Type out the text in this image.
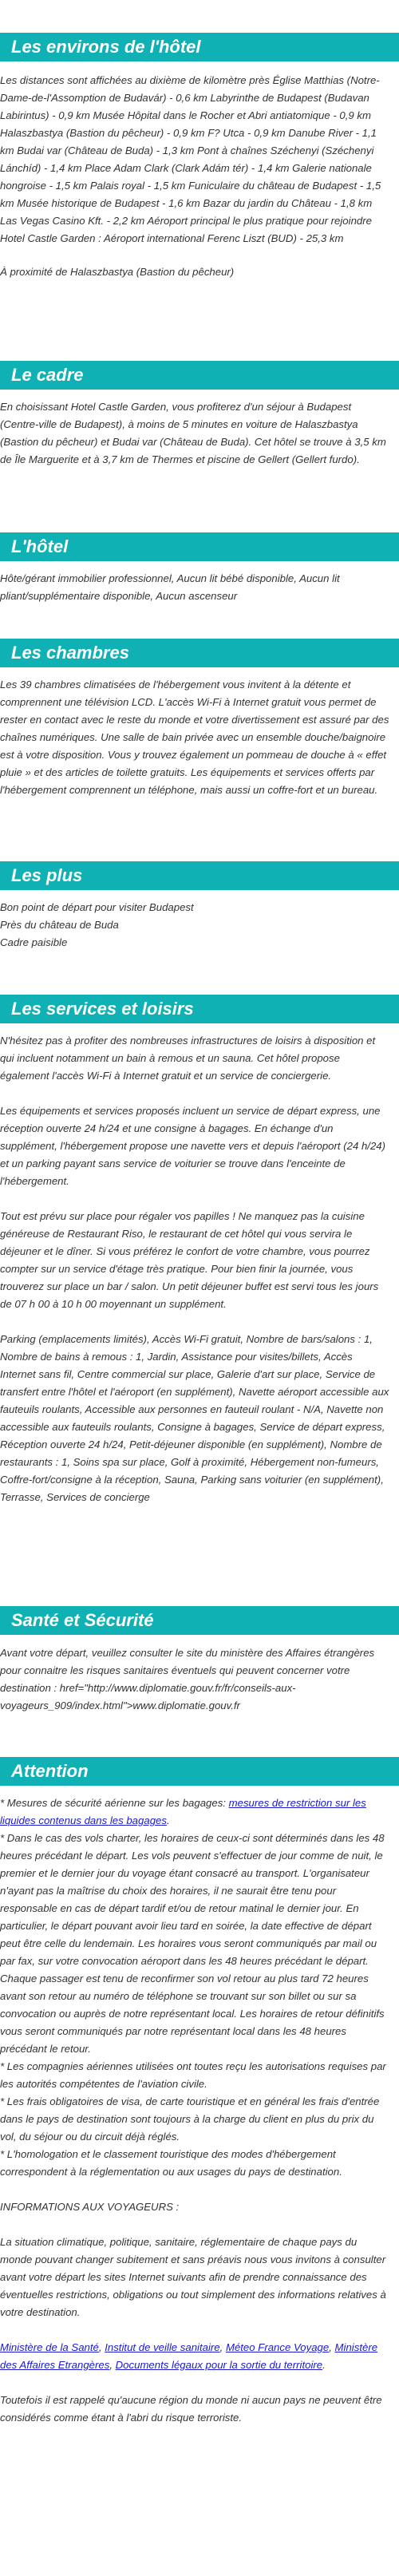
Les environs de l'hôtel

Les distances sont affichées au dixième de kilomètre près Église Matthias (Notre-Dame-de-l'Assomption de Budavár) - 0,6 km Labyrinthe de Budapest (Budavan Labirintus) - 0,9 km Musée Hôpital dans le Rocher et Abri antiatomique - 0,9 km Halaszbastya (Bastion du pêcheur) - 0,9 km F? Utca - 0,9 km Danube River - 1,1 km Budai var (Château de Buda) - 1,3 km Pont à chaînes Széchenyi (Széchenyi Lánchíd) - 1,4 km Place Adam Clark (Clark Adám tér) - 1,4 km Galerie nationale hongroise - 1,5 km Palais royal - 1,5 km Funiculaire du château de Budapest - 1,5 km Musée historique de Budapest - 1,6 km Bazar du jardin du Château - 1,8 km Las Vegas Casino Kft. - 2,2 km Aéroport principal le plus pratique pour rejoindre Hotel Castle Garden : Aéroport international Ferenc Liszt (BUD) - 25,3 km

À proximité de Halaszbastya (Bastion du pêcheur)

Le cadre

En choisissant Hotel Castle Garden, vous profiterez d'un séjour à Budapest (Centre-ville de Budapest), à moins de 5 minutes en voiture de Halaszbastya (Bastion du pêcheur) et Budai var (Château de Buda). Cet hôtel se trouve à 3,5 km de Île Marguerite et à 3,7 km de Thermes et piscine de Gellert (Gellert furdo).

L'hôtel

Hôte/gérant immobilier professionnel, Aucun lit bébé disponible, Aucun lit pliant/supplémentaire disponible, Aucun ascenseur

Les chambres

Les 39 chambres climatisées de l'hébergement vous invitent à la détente et comprennent une télévision LCD. L'accès Wi-Fi à Internet gratuit vous permet de rester en contact avec le reste du monde et votre divertissement est assuré par des chaînes numériques. Une salle de bain privée avec un ensemble douche/baignoire est à votre disposition. Vous y trouvez également un pommeau de douche à « effet pluie » et des articles de toilette gratuits. Les équipements et services offerts par l'hébergement comprennent un téléphone, mais aussi un coffre-fort et un bureau.

Les plus

Bon point de départ pour visiter Budapest

Près du château de Buda

Cadre paisible

Les services et loisirs

N'hésitez pas à profiter des nombreuses infrastructures de loisirs à disposition et qui incluent notamment un bain à remous et un sauna. Cet hôtel propose également l'accès Wi-Fi à Internet gratuit et un service de conciergerie.

Les équipements et services proposés incluent un service de départ express, une réception ouverte 24 h/24 et une consigne à bagages. En échange d'un supplément, l'hébergement propose une navette vers et depuis l'aéroport (24 h/24) et un parking payant sans service de voiturier se trouve dans l'enceinte de l'hébergement.

Tout est prévu sur place pour régaler vos papilles ! Ne manquez pas la cuisine généreuse de Restaurant Riso, le restaurant de cet hôtel qui vous servira le déjeuner et le dîner. Si vous préférez le confort de votre chambre, vous pourrez compter sur un service d'étage très pratique. Pour bien finir la journée, vous trouverez sur place un bar / salon. Un petit déjeuner buffet est servi tous les jours de 07 h 00 à 10 h 00 moyennant un supplément.

Parking (emplacements limités), Accès Wi-Fi gratuit, Nombre de bars/salons : 1, Nombre de bains à remous : 1, Jardin, Assistance pour visites/billets, Accès Internet sans fil, Centre commercial sur place, Galerie d'art sur place, Service de transfert entre l'hôtel et l'aéroport (en supplément), Navette aéroport accessible aux fauteuils roulants, Accessible aux personnes en fauteuil roulant - N/A, Navette non accessible aux fauteuils roulants, Consigne à bagages, Service de départ express, Réception ouverte 24 h/24, Petit-déjeuner disponible (en supplément), Nombre de restaurants : 1, Soins spa sur place, Golf à proximité, Hébergement non-fumeurs, Coffre-fort/consigne à la réception, Sauna, Parking sans voiturier (en supplément), Terrasse, Services de concierge

Santé et Sécurité

Avant votre départ, veuillez consulter le site du ministère des Affaires étrangères pour connaitre les risques sanitaires éventuels qui peuvent concerner votre destination : href="http://www.diplomatie.gouv.fr/fr/conseils-aux-voyageurs_909/index.html">www.diplomatie.gouv.fr

Attention

* Mesures de sécurité aérienne sur les bagages: mesures de restriction sur les liquides contenus dans les bagages.

* Dans le cas des vols charter, les horaires de ceux-ci sont déterminés dans les 48 heures précédant le départ. Les vols peuvent s'effectuer de jour comme de nuit, le premier et le dernier jour du voyage étant consacré au transport. L'organisateur n'ayant pas la maîtrise du choix des horaires, il ne saurait être tenu pour responsable en cas de départ tardif et/ou de retour matinal le dernier jour. En particulier, le départ pouvant avoir lieu tard en soirée, la date effective de départ peut être celle du lendemain. Les horaires vous seront communiqués par mail ou par fax, sur votre convocation aéroport dans les 48 heures précédant le départ. Chaque passager est tenu de reconfirmer son vol retour au plus tard 72 heures avant son retour au numéro de téléphone se trouvant sur son billet ou sur sa convocation ou auprès de notre représentant local. Les horaires de retour définitifs vous seront communiqués par notre représentant local dans les 48 heures précédant le retour.

* Les compagnies aériennes utilisées ont toutes reçu les autorisations requises par les autorités compétentes de l'aviation civile.

* Les frais obligatoires de visa, de carte touristique et en général les frais d'entrée dans le pays de destination sont toujours à la charge du client en plus du prix du vol, du séjour ou du circuit déjà réglés.

* L'homologation et le classement touristique des modes d'hébergement correspondent à la réglementation ou aux usages du pays de destination.

INFORMATIONS AUX VOYAGEURS :

La situation climatique, politique, sanitaire, réglementaire de chaque pays du monde pouvant changer subitement et sans préavis nous vous invitons à consulter avant votre départ les sites Internet suivants afin de prendre connaissance des éventuelles restrictions, obligations ou tout simplement des informations relatives à votre destination.

Ministère de la Santé, Institut de veille sanitaire, Méteo France Voyage, Ministère des Affaires Etrangères, Documents légaux pour la sortie du territoire.

Toutefois il est rappelé qu'aucune région du monde ni aucun pays ne peuvent être considérés comme étant à l'abri du risque terroriste.
